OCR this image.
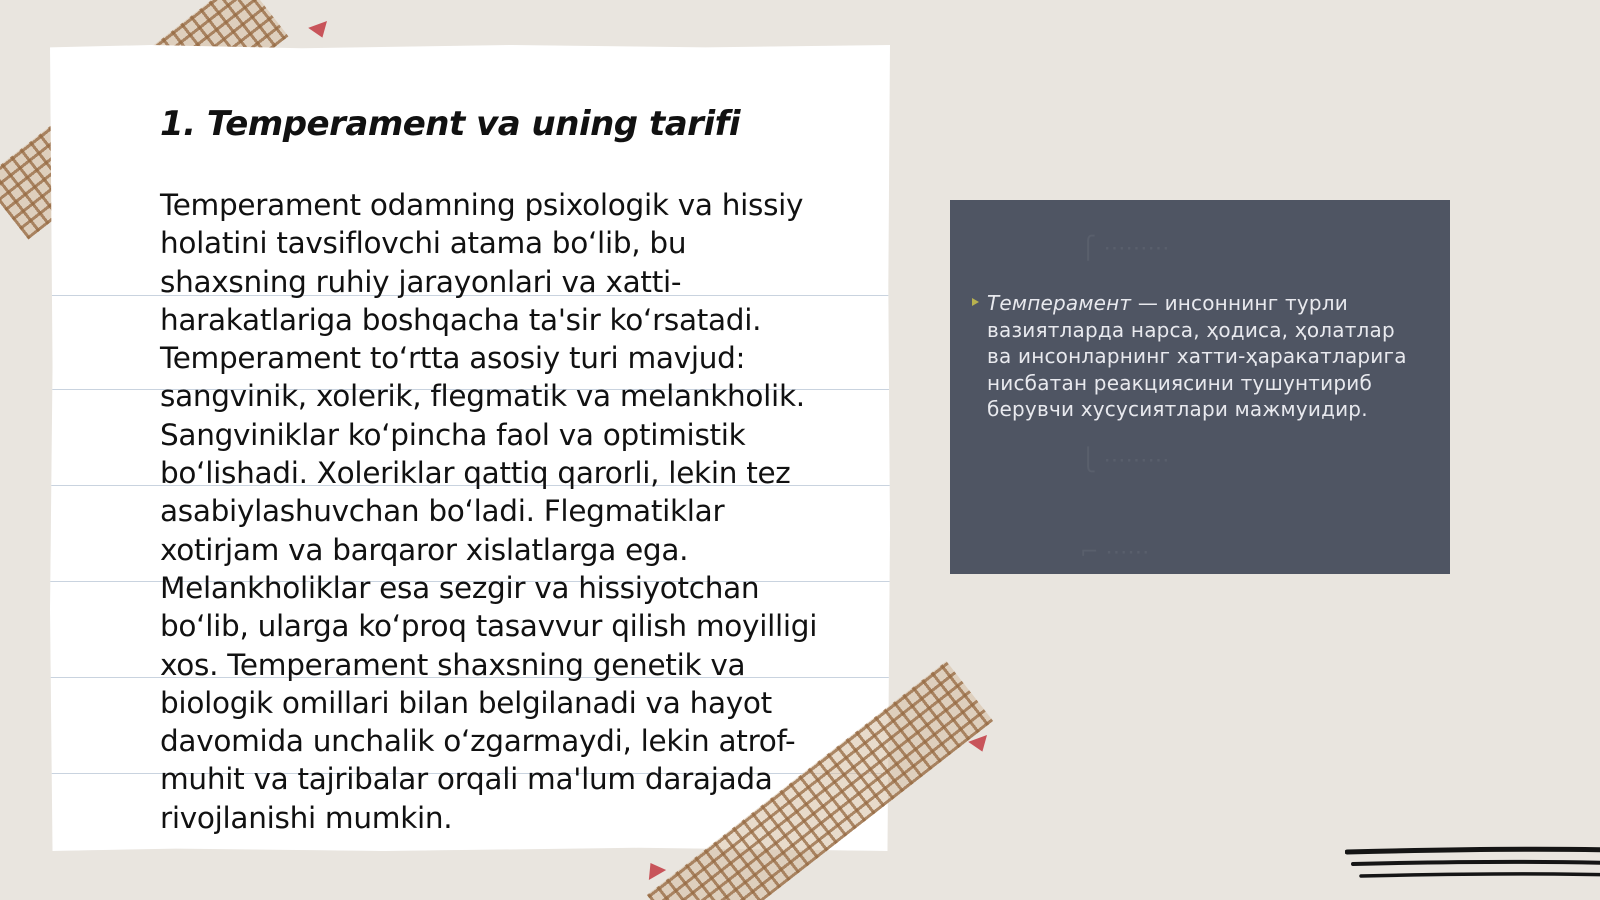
1. Temperament va uning tarifi

Temperament odamning psixologik va hissiy holatini tavsiflovchi atama bo‘lib, bu shaxsning ruhiy jarayonlari va xatti-harakatlariga boshqacha ta'sir ko‘rsatadi. Temperament to‘rtta asosiy turi mavjud: sangvinik, xolerik, flegmatik va melankholik. Sangviniklar ko‘pincha faol va optimistik bo‘lishadi. Xoleriklar qattiq qarorli, lekin tez asabiylashuvchan bo‘ladi. Flegmatiklar xotirjam va barqaror xislatlarga ega. Melankholiklar esa sezgir va hissiyotchan bo‘lib, ularga ko‘proq tasavvur qilish moyilligi xos. Temperament shaxsning genetik va biologik omillari bilan belgilanadi va hayot davomida unchalik o‘zgarmaydi, lekin atrof-muhit va tajribalar orqali ma'lum darajada rivojlanishi mumkin.

⎧ ⋯⋯⋯
⎩ ⋯⋯⋯
⌐ ⋯⋯
Темперамент — инсоннинг турли вазиятларда нарса, ҳодиса, ҳолатлар ва инсонларнинг хатти-ҳаракатларига нисбатан реакциясини тушунтириб берувчи хусусиятлари мажмуидир.
